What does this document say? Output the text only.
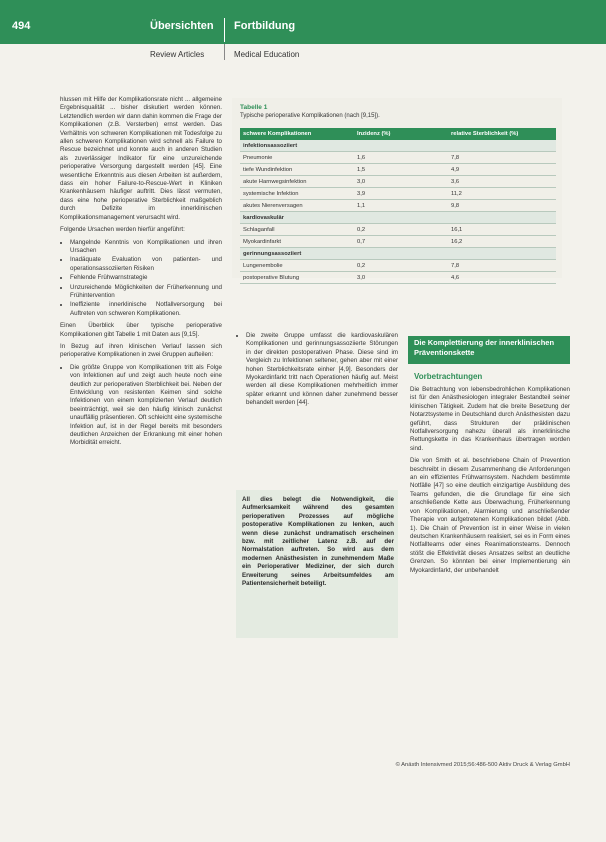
494	Übersichten Fortbildung
Review Articles	Medical Education

hlussen mit Hilfe der Komplikationsrate nicht ... allgemeine Ergebnisqualität ... bisher diskutiert werden können. Letztendlich werden wir dann dahin kommen die Frage der Komplikationen (z.B. Versterben) ernst werden. Das Verhältnis von schweren Komplikationen mit Todesfolge zu allen schweren Komplikationen wird schnell als Failure to Rescue bezeichnet und konnte auch in anderen Studien als zuverlässiger Indikator für eine unzureichende perioperative Versorgung dargestellt werden [45]. Eine wesentliche Erkenntnis aus diesen Arbeiten ist außerdem, dass ein hoher Failure-to-Rescue-Wert in Kliniken Krankenhäusern häufiger auftritt. Dies lässt vermuten, dass eine hohe perioperative Sterblichkeit maßgeblich durch Defizite im innerklinischen Komplikationsmanagement verursacht wird.

Folgende Ursachen werden hierfür angeführt:

• Mangelnde Kenntnis von Komplikationen und ihren Ursachen
• Inadäquate Evaluation von patienten- und operationsassoziierten Risiken
• Fehlende Frühwarnstrategie
• Unzureichende Möglichkeiten der Früherkennung und Frühintervention
• Ineffiziente innerklinische Notfallversorgung bei Auftreten von schweren Komplikationen.

Einen Überblick über typische perioperative Komplikationen gibt Tabelle 1 mit Daten aus [9,15].

In Bezug auf ihren klinischen Verlauf lassen sich perioperative Komplikationen in zwei Gruppen aufteilen:

• Die größte Gruppe von Komplikationen tritt als Folge von Infektionen auf und zeigt auch heute noch eine deutlich zur perioperativen Sterblichkeit bei. Neben der Entwicklung von resistenten Keimen sind solche Infektionen von einem komplizierten Verlauf deutlich beeinträchtigt, weil sie den häufig klinisch zunächst unauffällig präsentieren. Oft schleicht eine systemische Infektion auf, ist in der Regel bereits mit besonders deutlichen Anzeichen der Erkrankung mit einer hohen Morbidität erreicht.
Tabelle 1
Typische perioperative Komplikationen (nach [9,15]).
schwere Komplikationen	Inzidenz (%)	relative Sterblichkeit (%)
infektionsassoziiert		
Pneumonie	1,6	7,8
tiefe Wundinfektion	1,5	4,9
akute Harnwegsinfektion	3,0	3,6
systemische Infektion	3,9	11,2
akutes Nierenversagen	1,1	9,8
kardiovaskulär		
Schlaganfall	0,2	16,1
Myokardinfarkt	0,7	16,2
gerinnungsassoziiert		
Lungenembolie	0,2	7,8
postoperative Blutung	3,0	4,6
• Die zweite Gruppe umfasst die kardiovaskulären Komplikationen und gerinnungsassoziierte Störungen in der direkten postoperativen Phase. Diese sind im Vergleich zu Infektionen seltener, gehen aber mit einer hohen Sterblichkeitsrate einher [4,9]. Besonders der Myokardinfarkt tritt nach Operationen häufig auf. Meist werden all diese Komplikationen mehrheitlich immer später erkannt und können daher zunehmend besser behandelt werden [44].
All dies belegt die Notwendigkeit, die Aufmerksamkeit während des gesamten perioperativen Prozesses auf mögliche postoperative Komplikationen zu lenken, auch wenn diese zunächst undramatisch erscheinen bzw. mit zeitlicher Latenz z.B. auf der Normalstation auftreten. So wird aus dem modernen Anästhesisten in zunehmendem Maße ein Perioperativer Mediziner, der sich durch Erweiterung seines Arbeitsumfeldes am Patientensicherheit beteiligt.
Die Komplettierung der innerklinischen Präventionskette
Vorbetrachtungen

Die Betrachtung von lebensbedrohlichen Komplikationen ist für den Anästhesiologen integraler Bestandteil seiner klinischen Tätigkeit. Zudem hat die breite Besetzung der Notarztsysteme in Deutschland durch Anästhesisten dazu geführt, dass Strukturen der präklinischen Notfallversorgung nahezu überall als innerklinische Rettungskette in das Krankenhaus übertragen worden sind.

Die von Smith et al. beschriebene Chain of Prevention beschreibt in diesem Zusammenhang die Anforderungen an ein effizientes Frühwarnsystem. Nachdem bestimmte Notfälle [47] so eine deutlich einzigartige Ausbildung des Teams gefunden, die die Grundlage für eine sich anschließende Kette aus Überwachung, Früherkennung von Komplikationen, Alarmierung und anschließender Therapie von aufgetretenen Komplikationen bildet (Abb. 1). Die Chain of Prevention ist in einer Weise in vielen deutschen Krankenhäusern realisiert, sei es in Form eines Notfallteams oder eines Reanimationsteams. Dennoch stößt die Effektivität dieses Ansatzes selbst an deutliche Grenzen. So könnten bei einer Implementierung ein Myokardinfarkt, der unbehandelt

© Anästh Intensivmed 2015;56:486-500 Aktiv Druck & Verlag GmbH
